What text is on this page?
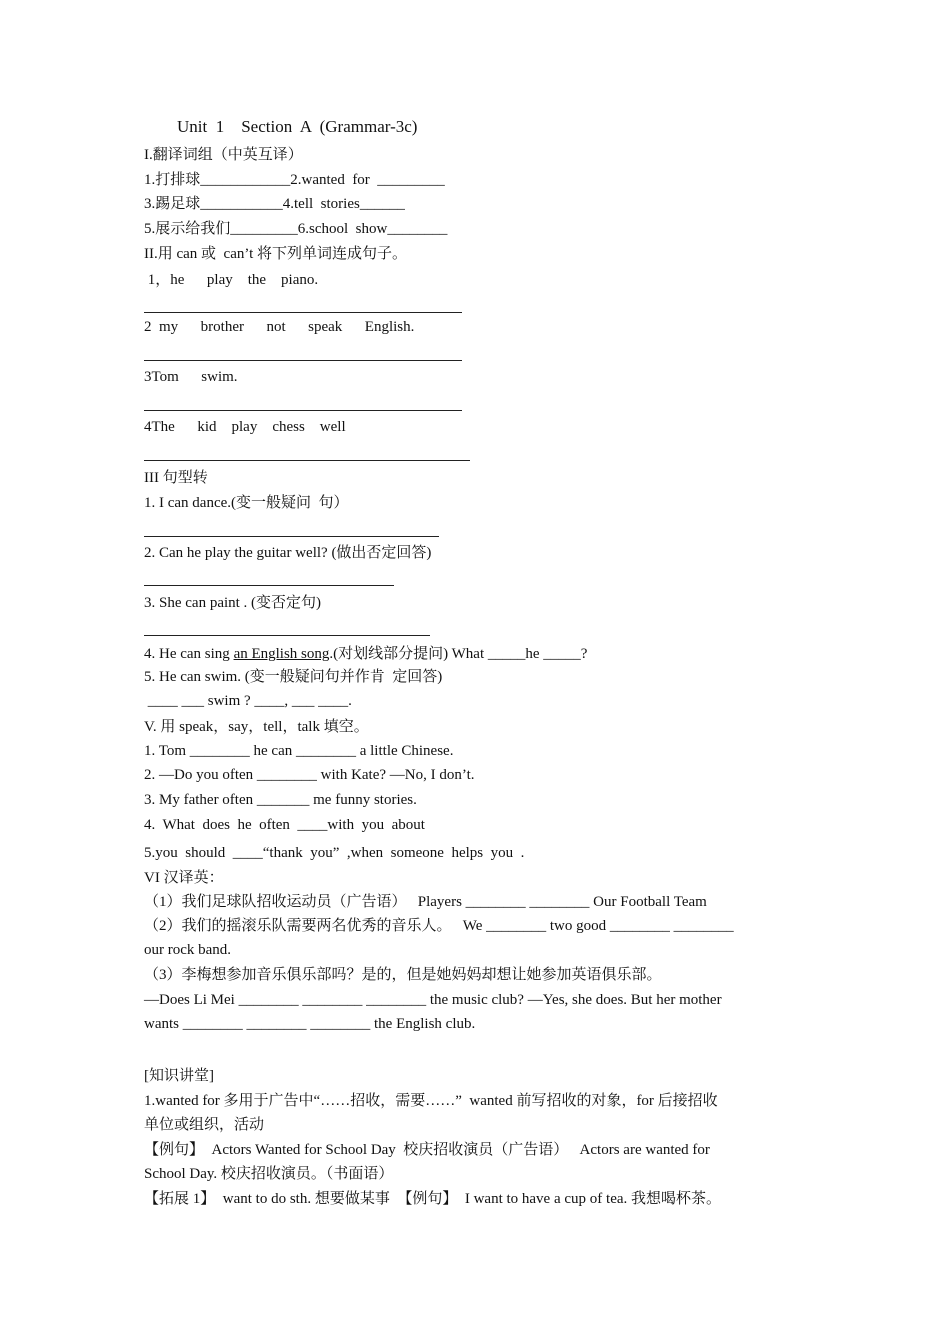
Unit  1    Section  A  (Grammar-3c)
I.翻译词组（中英互译）
1.打排球____________2.wanted  for  _________
3.踢足球___________4.tell  stories______
5.展示给我们_________6.school  show________
II.用 can 或  can’t 将下列单词连成句子。
1，he      play    the    piano.
2  my      brother      not      speak      English.
3Tom      swim.
4The      kid    play    chess    well
III 句型转
1. I can dance.(变一般疑问  句）
2. Can he play the guitar well? (做出否定回答)
3. She can paint . (变否定句)
4. He can sing an English song.(对划线部分提问) What _____he _____?
5. He can swim. (变一般疑问句并作肯  定回答)
____ ___ swim ? ____, ___ ____.
V. 用 speak，say，tell，talk 填空。
1. Tom ________ he can ________ a little Chinese.
2. —Do you often ________ with Kate? —No, I don’t.
3. My father often _______ me funny stories.
4.  What  does  he  often  ____with  you  about
5.you  should  ____“thank  you”  ,when  someone  helps  you  .
VI 汉译英：
（1）我们足球队招收运动员（广告语）   Players ________ ________ Our Football Team
（2）我们的摇滚乐队需要两名优秀的音乐人。   We ________ two good ________ ________
our rock band.
（3）李梅想参加音乐俱乐部吗？是的，但是她妈妈却想让她参加英语俱乐部。
—Does Li Mei ________ ________ ________ the music club? —Yes, she does. But her mother
wants ________ ________ ________ the English club.
[知识讲堂]
1.wanted for 多用于广告中“……招收，需要……”  wanted 前写招收的对象，for 后接招收
单位或组织，活动
【例句】  Actors Wanted for School Day  校庆招收演员（广告语）   Actors are wanted for
School Day. 校庆招收演员。（书面语）
【拓展 1】  want to do sth. 想要做某事  【例句】  I want to have a cup of tea. 我想喝杯茶。
